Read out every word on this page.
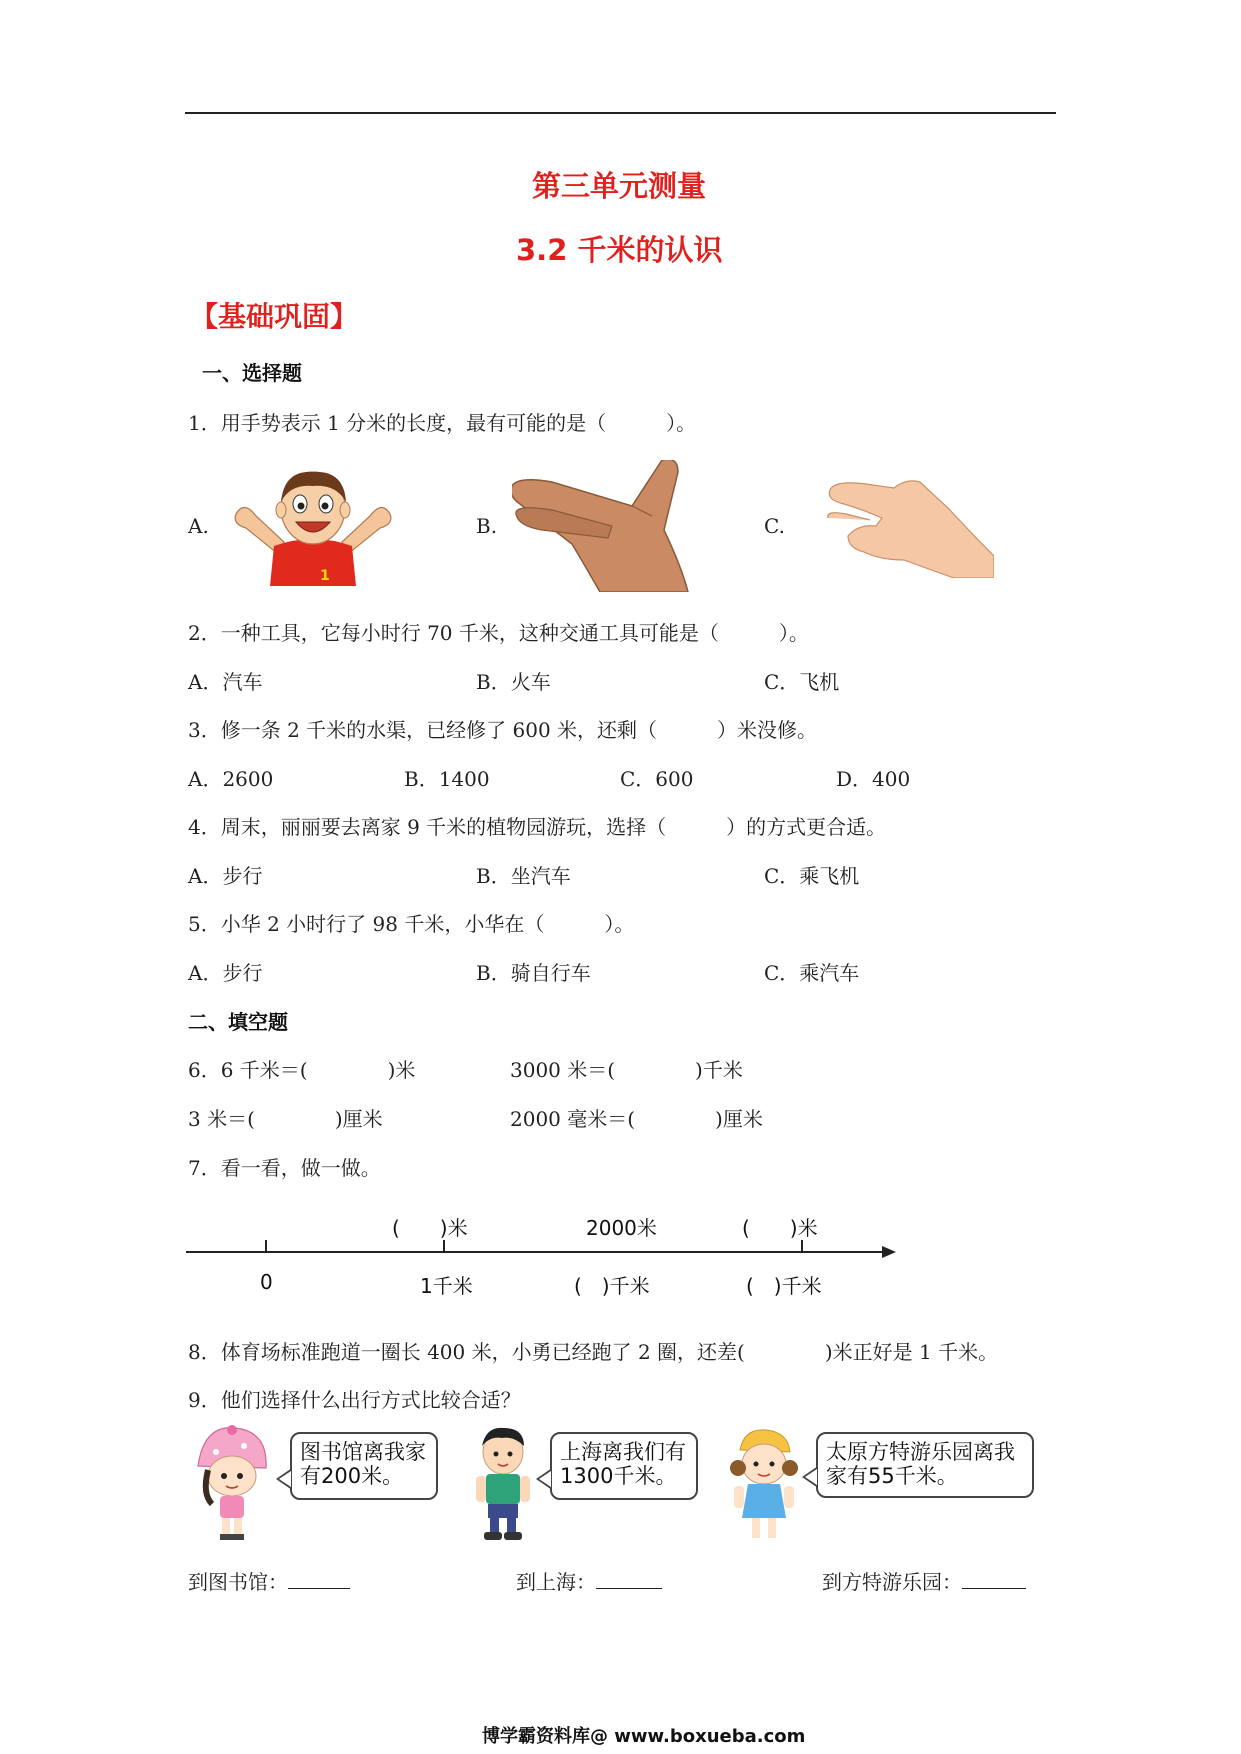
第三单元测量
3.2 千米的认识
【基础巩固】
一、选择题
1．用手势表示 1 分米的长度，最有可能的是（　　　）。
A.	B.	C.
1
2．一种工具，它每小时行 70 千米，这种交通工具可能是（　　　）。
A．汽车	B．火车	C．飞机
3．修一条 2 千米的水渠，已经修了 600 米，还剩（　　　）米没修。
A．2600	B．1400	C．600	D．400
4．周末，丽丽要去离家 9 千米的植物园游玩，选择（　　　）的方式更合适。
A．步行	B．坐汽车	C．乘飞机
5．小华 2 小时行了 98 千米，小华在（　　　）。
A．步行	B．骑自行车	C．乘汽车
二、填空题
6．6 千米＝(　　　　)米	3000 米＝(　　　　)千米
3 米＝(　　　　)厘米	2000 毫米＝(　　　　)厘米
7．看一看，做一做。
(　　)米	2000米	(　　)米
0	1千米	(　)千米	(　)千米
8．体育场标准跑道一圈长 400 米，小勇已经跑了 2 圈，还差(　　　　)米正好是 1 千米。
9．他们选择什么出行方式比较合适？
图书馆离我家有200米。
上海离我们有1300千米。
太原方特游乐园离我家有55千米。
到图书馆：	到上海：	到方特游乐园：
博学霸资料库@ www.boxueba.com
